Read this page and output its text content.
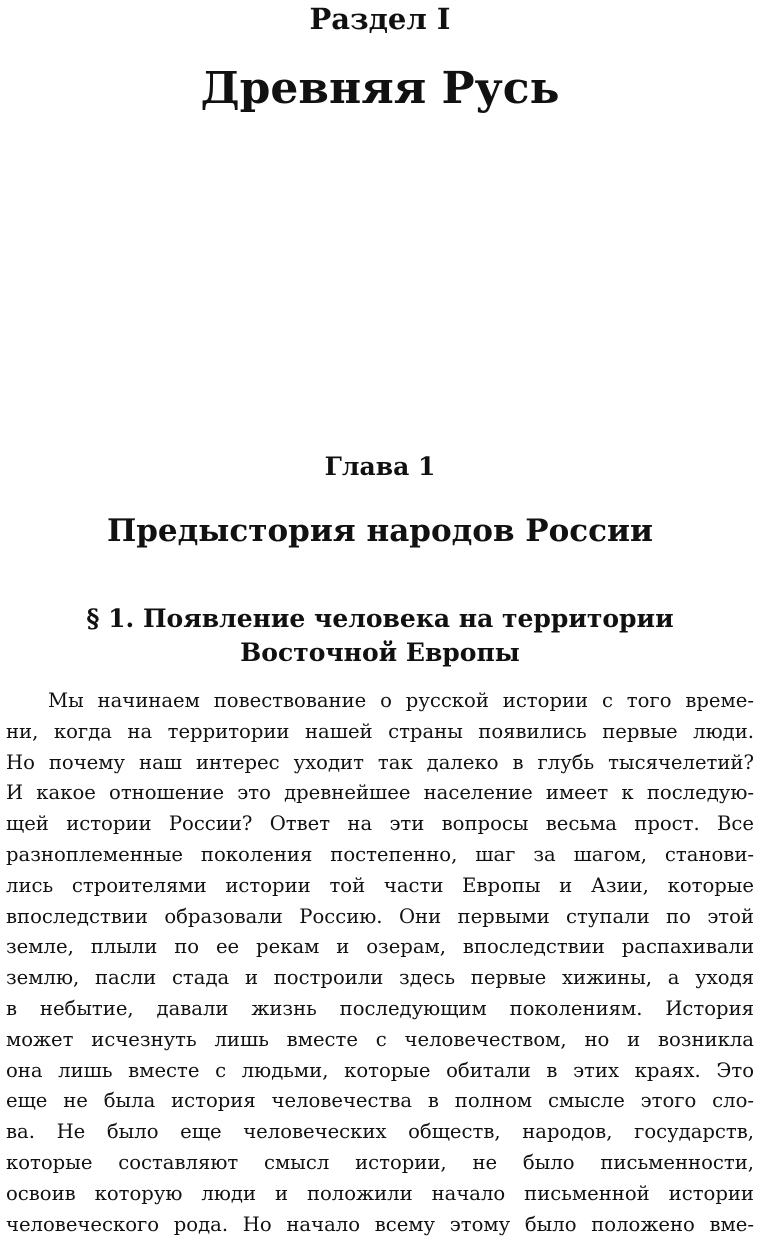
Раздел I
Древняя Русь
Глава 1
Предыстория народов России
§ 1. Появление человека на территории
Восточной Европы
Мы начинаем повествование о русской истории с того време-
ни, когда на территории нашей страны появились первые люди.
Но почему наш интерес уходит так далеко в глубь тысячелетий?
И какое отношение это древнейшее население имеет к последую-
щей истории России? Ответ на эти вопросы весьма прост. Все
разноплеменные поколения постепенно, шаг за шагом, станови-
лись строителями истории той части Европы и Азии, которые
впоследствии образовали Россию. Они первыми ступали по этой
земле, плыли по ее рекам и озерам, впоследствии распахивали
землю, пасли стада и построили здесь первые хижины, а уходя
в небытие, давали жизнь последующим поколениям. История
может исчезнуть лишь вместе с человечеством, но и возникла
она лишь вместе с людьми, которые обитали в этих краях. Это
еще не была история человечества в полном смысле этого сло-
ва. Не было еще человеческих обществ, народов, государств,
которые составляют смысл истории, не было письменности,
освоив которую люди и положили начало письменной истории
человеческого рода. Но начало всему этому было положено вме-
